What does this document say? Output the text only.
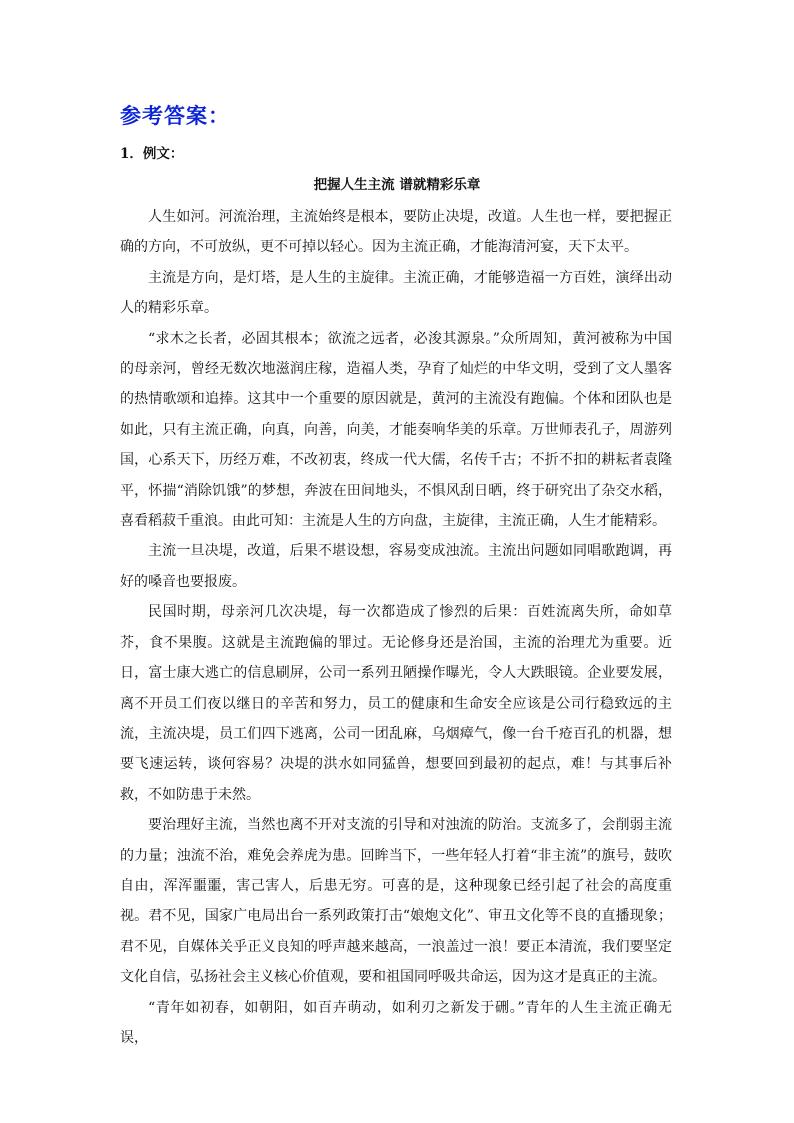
参考答案：
1．例文：
把握人生主流 谱就精彩乐章

人生如河。河流治理，主流始终是根本，要防止决堤，改道。人生也一样，要把握正确的方向，不可放纵，更不可掉以轻心。因为主流正确，才能海清河宴，天下太平。

主流是方向，是灯塔，是人生的主旋律。主流正确，才能够造福一方百姓，演绎出动人的精彩乐章。

“求木之长者，必固其根本；欲流之远者，必浚其源泉。”众所周知，黄河被称为中国的母亲河，曾经无数次地滋润庄稼，造福人类，孕育了灿烂的中华文明，受到了文人墨客的热情歌颂和追捧。这其中一个重要的原因就是，黄河的主流没有跑偏。个体和团队也是如此，只有主流正确，向真，向善，向美，才能奏响华美的乐章。万世师表孔子，周游列国，心系天下，历经万难，不改初衷，终成一代大儒，名传千古；不折不扣的耕耘者袁隆平，怀揣“消除饥饿”的梦想，奔波在田间地头，不惧风刮日晒，终于研究出了杂交水稻，喜看稻菽千重浪。由此可知：主流是人生的方向盘，主旋律，主流正确，人生才能精彩。

主流一旦决堤，改道，后果不堪设想，容易变成浊流。主流出问题如同唱歌跑调，再好的嗓音也要报废。

民国时期，母亲河几次决堤，每一次都造成了惨烈的后果：百姓流离失所，命如草芥，食不果腹。这就是主流跑偏的罪过。无论修身还是治国，主流的治理尤为重要。近日，富士康大逃亡的信息刷屏，公司一系列丑陋操作曝光，令人大跌眼镜。企业要发展，离不开员工们夜以继日的辛苦和努力，员工的健康和生命安全应该是公司行稳致远的主流，主流决堤，员工们四下逃离，公司一团乱麻，乌烟瘴气，像一台千疮百孔的机器，想要飞速运转，谈何容易？决堤的洪水如同猛兽，想要回到最初的起点，难！与其事后补救，不如防患于未然。

要治理好主流，当然也离不开对支流的引导和对浊流的防治。支流多了，会削弱主流的力量；浊流不治，难免会养虎为患。回眸当下，一些年轻人打着“非主流”的旗号，鼓吹自由，浑浑噩噩，害己害人，后患无穷。可喜的是，这种现象已经引起了社会的高度重视。君不见，国家广电局出台一系列政策打击“娘炮文化”、审丑文化等不良的直播现象；君不见，自媒体关乎正义良知的呼声越来越高，一浪盖过一浪！要正本清流，我们要坚定文化自信，弘扬社会主义核心价值观，要和祖国同呼吸共命运，因为这才是真正的主流。

“青年如初春，如朝阳，如百卉萌动，如利刃之新发于硎。”青年的人生主流正确无误，
